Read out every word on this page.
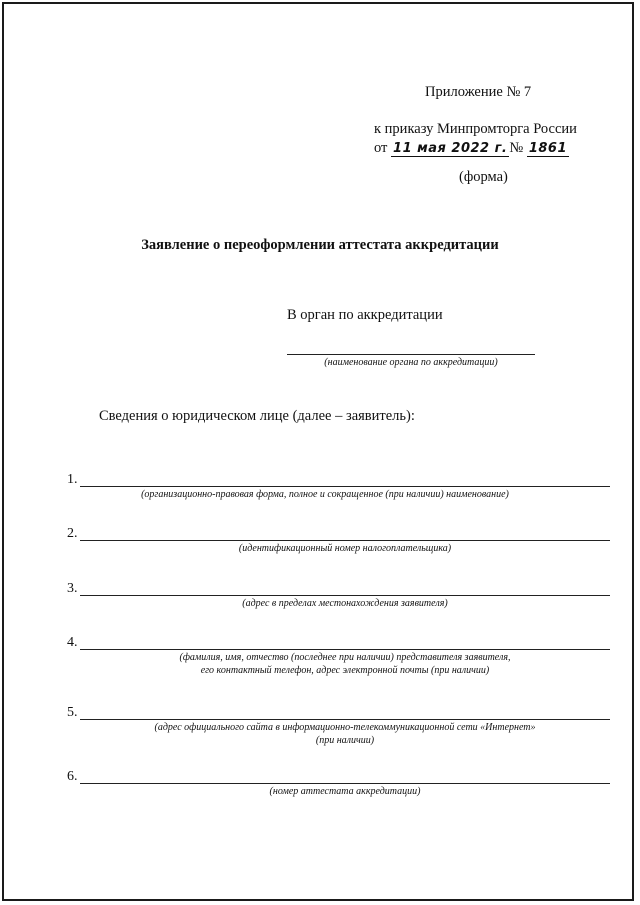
Приложение № 7
к приказу Минпромторга России
от 11 мая 2022 г. № 1861
(форма)
Заявление о переоформлении аттестата аккредитации
В орган по аккредитации
(наименование органа по аккредитации)
Сведения о юридическом лице (далее – заявитель):
1.
(организационно-правовая форма, полное и сокращенное (при наличии) наименование)
2.
(идентификационный номер налогоплательщика)
3.
(адрес в пределах местонахождения заявителя)
4.
(фамилия, имя, отчество (последнее при наличии) представителя заявителя,
его контактный телефон, адрес электронной почты (при наличии)
5.
(адрес официального сайта в информационно-телекоммуникационной сети «Интернет»
(при наличии)
6.
(номер аттестата аккредитации)
